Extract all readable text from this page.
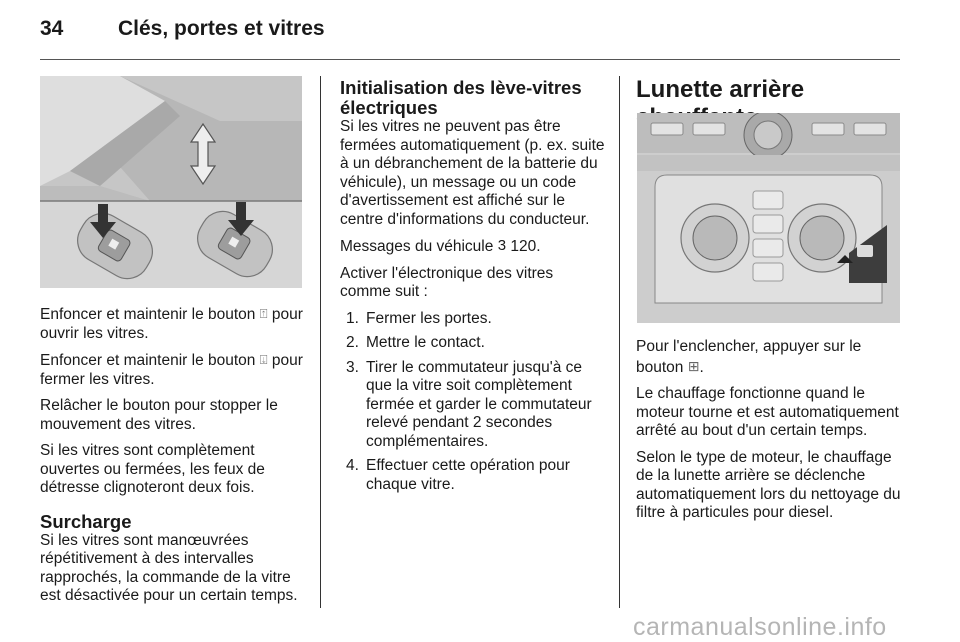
34	Clés, portes et vitres

Enfoncer et maintenir le bouton ⍐ pour ouvrir les vitres.

Enfoncer et maintenir le bouton ⍗ pour fermer les vitres.

Relâcher le bouton pour stopper le mouvement des vitres.

Si les vitres sont complètement ouvertes ou fermées, les feux de détresse clignoteront deux fois.

Surcharge

Si les vitres sont manœuvrées répétitivement à des intervalles rapprochés, la commande de la vitre est désactivée pour un certain temps.

Initialisation des lève-vitres électriques

Si les vitres ne peuvent pas être fermées automatiquement (p. ex. suite à un débranchement de la batterie du véhicule), un message ou un code d'avertissement est affiché sur le centre d'informations du conducteur.

Messages du véhicule 3 120.

Activer l'électronique des vitres comme suit :

1. Fermer les portes.
2. Mettre le contact.
3. Tirer le commutateur jusqu'à ce que la vitre soit complètement fermée et garder le commutateur relevé pendant 2 secondes complémentaires.
4. Effectuer cette opération pour chaque vitre.
Lunette arrière

Pour l'enclencher, appuyer sur le bouton ⊞.

Le chauffage fonctionne quand le moteur tourne et est automatiquement arrêté au bout d'un certain temps.

Selon le type de moteur, le chauffage de la lunette arrière se déclenche automatiquement lors du nettoyage du filtre à particules pour diesel.

carmanualsonline.info
